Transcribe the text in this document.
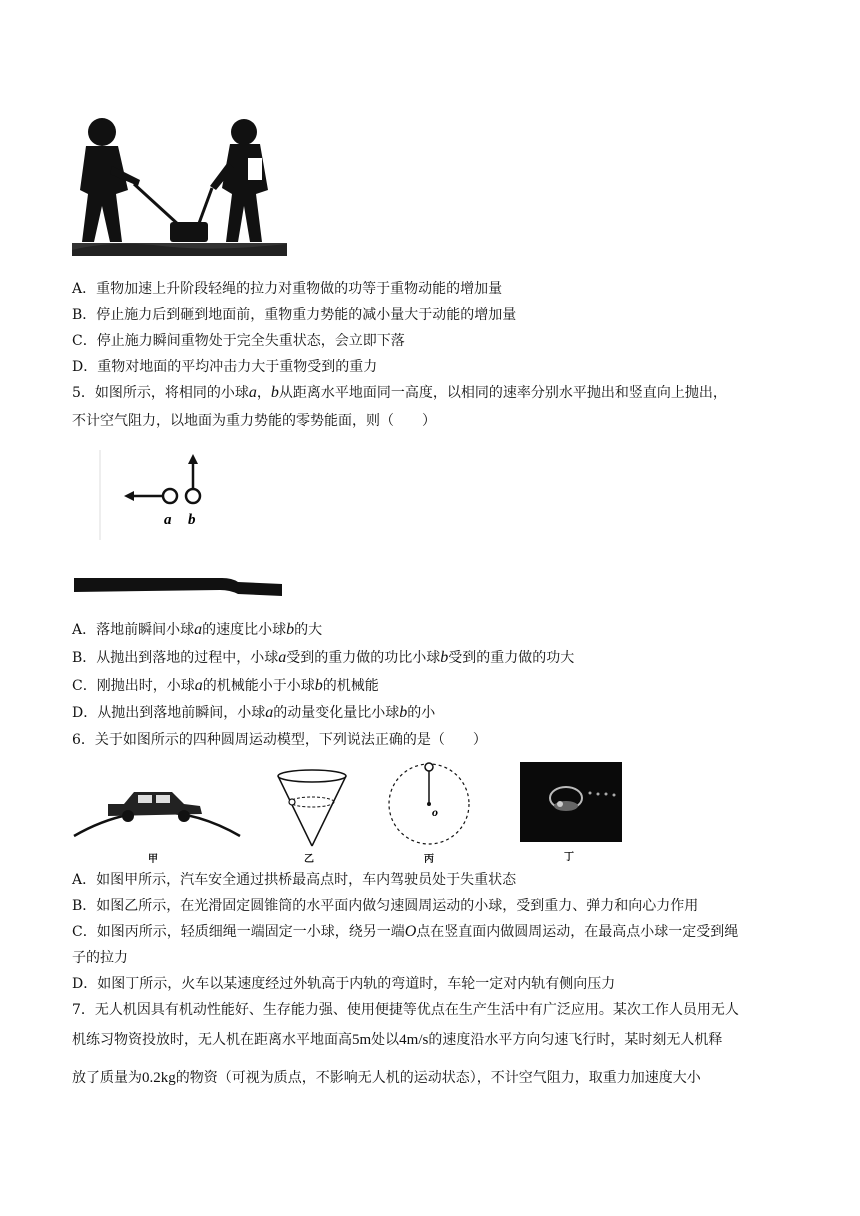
A．重物加速上升阶段轻绳的拉力对重物做的功等于重物动能的增加量
B．停止施力后到砸到地面前，重物重力势能的减小量大于动能的增加量
C．停止施力瞬间重物处于完全失重状态，会立即下落
D．重物对地面的平均冲击力大于重物受到的重力
5．如图所示，将相同的小球a，b从距离水平地面同一高度，以相同的速率分别水平抛出和竖直向上抛出，
不计空气阻力，以地面为重力势能的零势能面，则（　　）
a b
A．落地前瞬间小球a的速度比小球b的大
B．从抛出到落地的过程中，小球a受到的重力做的功比小球b受到的重力做的功大
C．刚抛出时，小球a的机械能小于小球b的机械能
D．从抛出到落地前瞬间，小球a的动量变化量比小球b的小
6．关于如图所示的四种圆周运动模型，下列说法正确的是（　　）
甲	乙
o
丙	丁
A．如图甲所示，汽车安全通过拱桥最高点时，车内驾驶员处于失重状态
B．如图乙所示，在光滑固定圆锥筒的水平面内做匀速圆周运动的小球，受到重力、弹力和向心力作用
C．如图丙所示，轻质细绳一端固定一小球，绕另一端O点在竖直面内做圆周运动，在最高点小球一定受到绳
子的拉力
D．如图丁所示，火车以某速度经过外轨高于内轨的弯道时，车轮一定对内轨有侧向压力
7．无人机因具有机动性能好、生存能力强、使用便捷等优点在生产生活中有广泛应用。某次工作人员用无人
机练习物资投放时，无人机在距离水平地面高5m处以4m/s的速度沿水平方向匀速飞行时，某时刻无人机释
放了质量为0.2kg的物资（可视为质点，不影响无人机的运动状态），不计空气阻力，取重力加速度大小
